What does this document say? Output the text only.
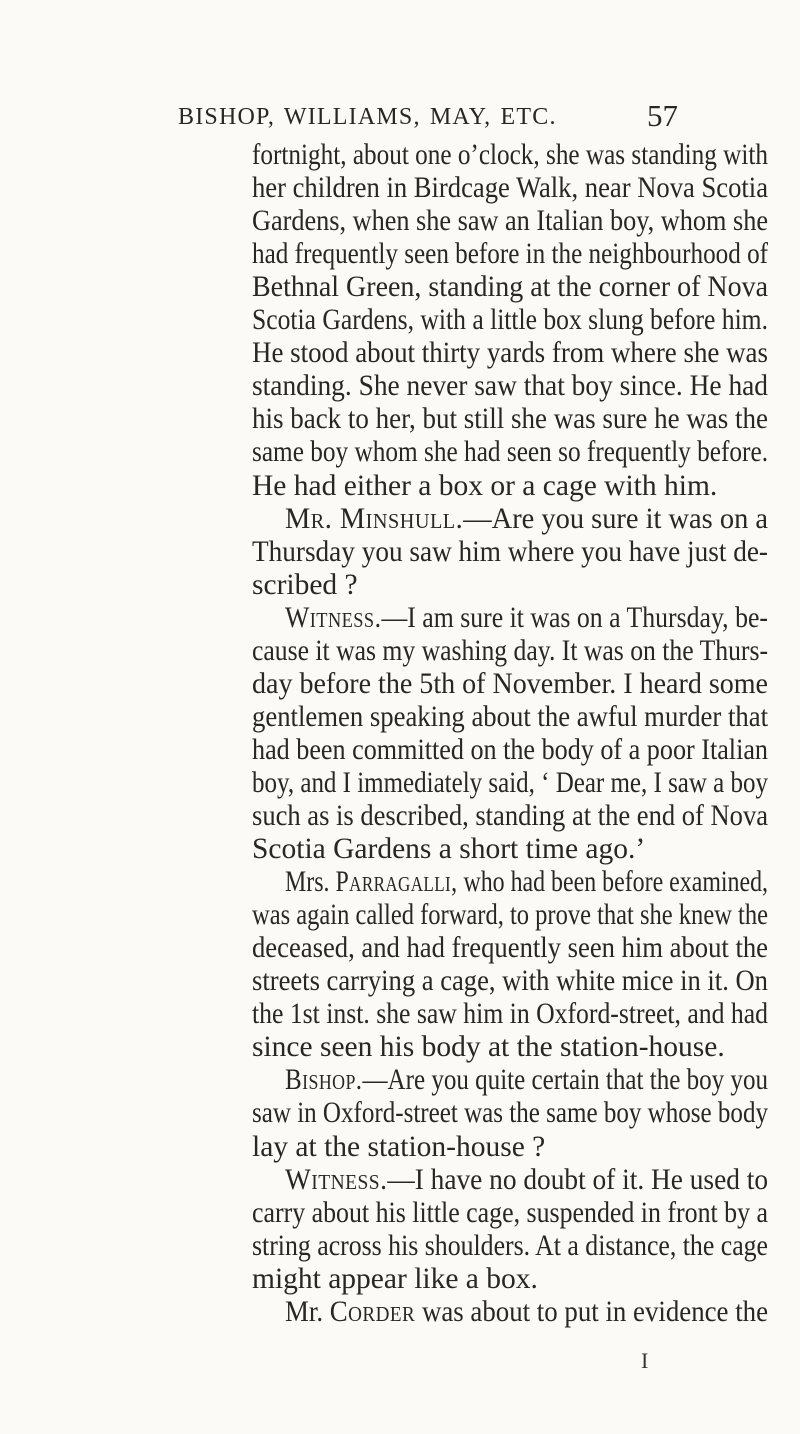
BISHOP, WILLIAMS, MAY, ETC.	57
fortnight, about one o’clock, she was standing with
her children in Birdcage Walk, near Nova Scotia
Gardens, when she saw an Italian boy, whom she
had frequently seen before in the neighbourhood of
Bethnal Green, standing at the corner of Nova
Scotia Gardens, with a little box slung before him.
He stood about thirty yards from where she was
standing. She never saw that boy since. He had
his back to her, but still she was sure he was the
same boy whom she had seen so frequently before.
He had either a box or a cage with him.
Mr. Minshull.—Are you sure it was on a
Thursday you saw him where you have just de-
scribed ?
Witness.—I am sure it was on a Thursday, be-
cause it was my washing day. It was on the Thurs-
day before the 5th of November. I heard some
gentlemen speaking about the awful murder that
had been committed on the body of a poor Italian
boy, and I immediately said, ‘ Dear me, I saw a boy
such as is described, standing at the end of Nova
Scotia Gardens a short time ago.’
Mrs. Parragalli, who had been before examined,
was again called forward, to prove that she knew the
deceased, and had frequently seen him about the
streets carrying a cage, with white mice in it. On
the 1st inst. she saw him in Oxford-street, and had
since seen his body at the station-house.
Bishop.—Are you quite certain that the boy you
saw in Oxford-street was the same boy whose body
lay at the station-house ?
Witness.—I have no doubt of it. He used to
carry about his little cage, suspended in front by a
string across his shoulders. At a distance, the cage
might appear like a box.
Mr. Corder was about to put in evidence the
I
